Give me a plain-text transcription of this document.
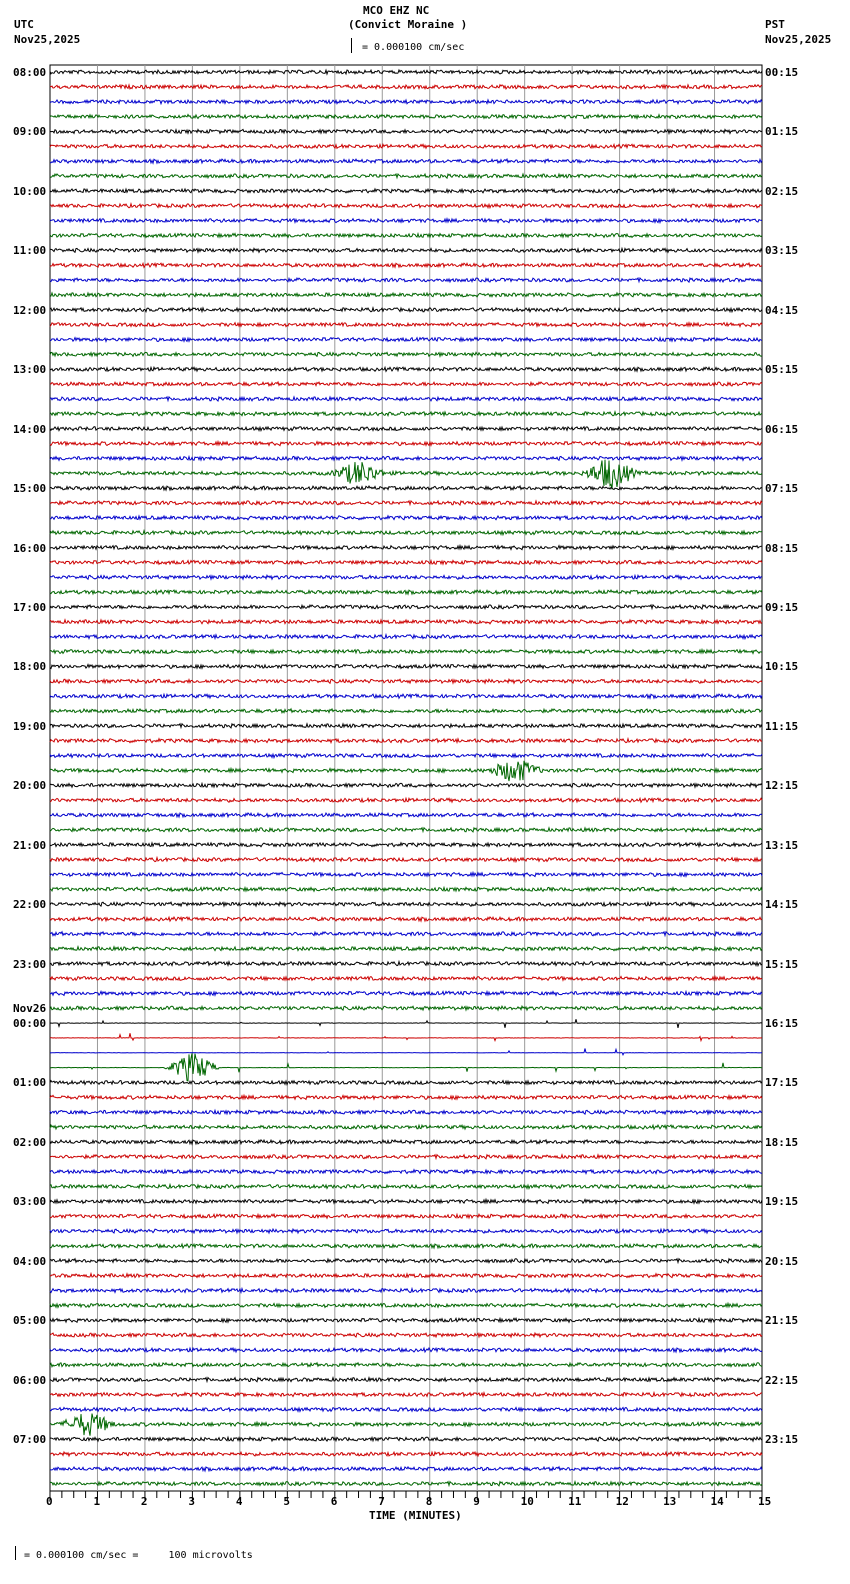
MCO EHZ NC
(Convict Moraine )
UTC
Nov25,2025
PST
Nov25,2025
= 0.000100 cm/sec
TIME (MINUTES)
= 0.000100 cm/sec =     100 microvolts
Nov26
0	1	2	3	4	5	6	7	8	9	10	11	12	13	14	15
08:00
09:00
10:00
11:00
12:00
13:00
14:00
15:00
16:00
17:00
18:00
19:00
20:00
21:00
22:00
23:00
00:00
01:00
02:00
03:00
04:00
05:00
06:00
07:00
00:15
01:15
02:15
03:15
04:15
05:15
06:15
07:15
08:15
09:15
10:15
11:15
12:15
13:15
14:15
15:15
16:15
17:15
18:15
19:15
20:15
21:15
22:15
23:15
